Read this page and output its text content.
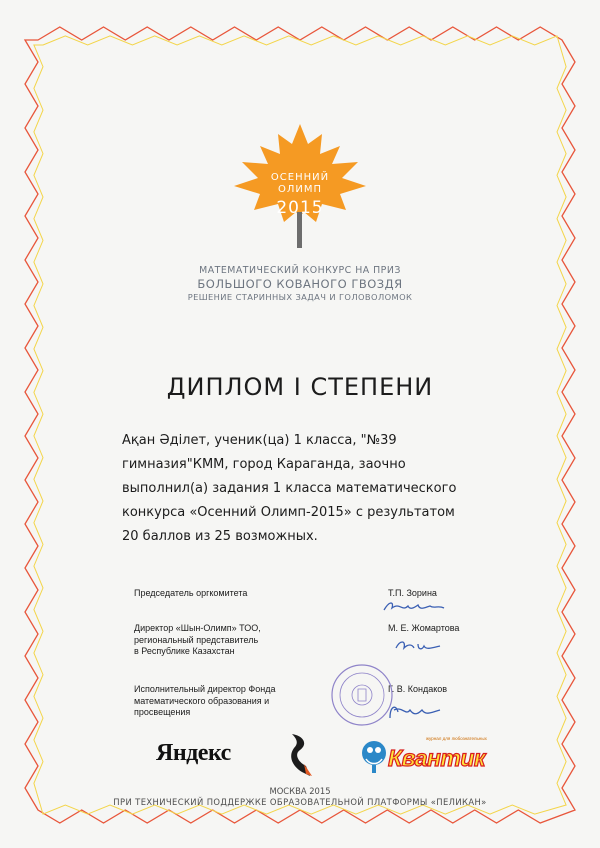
ОСЕННИЙ
ОЛИМП
2015
МАТЕМАТИЧЕСКИЙ КОНКУРС НА ПРИЗ
БОЛЬШОГО КОВАНОГО ГВОЗДЯ
РЕШЕНИЕ СТАРИННЫХ ЗАДАЧ И ГОЛОВОЛОМОК
ДИПЛОМ I СТЕПЕНИ
Ақан Әділет, ученик(ца) 1 класса, "№39
гимназия"КММ, город Караганда, заочно
выполнил(а) задания 1 класса математического
конкурса «Осенний Олимп-2015» с результатом
20 баллов из 25 возможных.
Председатель оргкомитета	Т.П. Зорина
Директор «Шын-Олимп» ТОО,
региональный представитель
в Республике Казахстан
М. Е. Жомартова
Исполнительный директор Фонда
математического образования и
просвещения
Г. В. Кондаков
Яндекс
журнал для любознательных
Квантик
МОСКВА 2015
ПРИ ТЕХНИЧЕСКИЙ ПОДДЕРЖКЕ ОБРАЗОВАТЕЛЬНОЙ ПЛАТФОРМЫ «ПЕЛИКАН»
